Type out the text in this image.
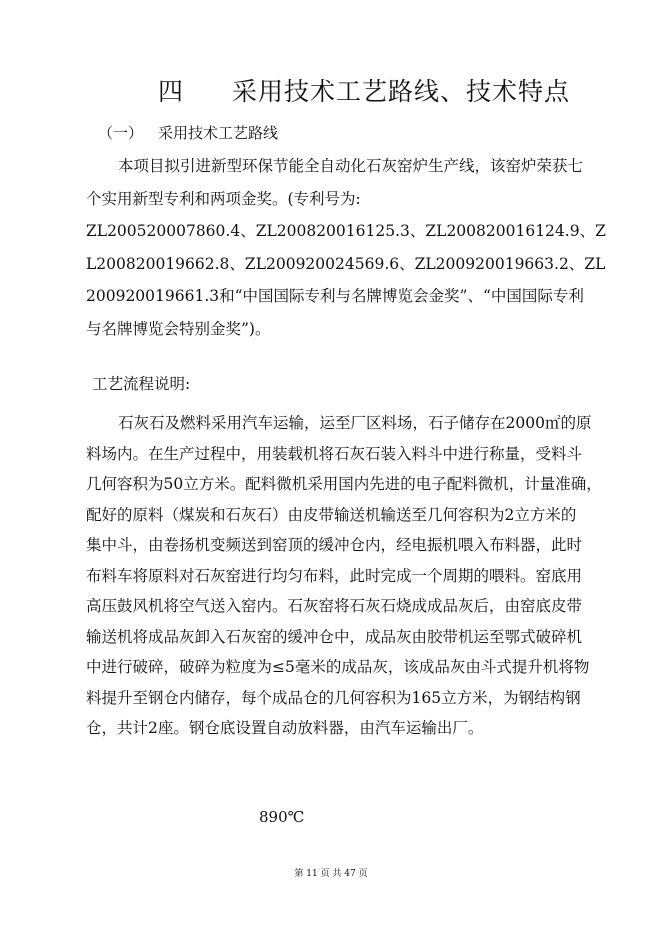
四 采用技术工艺路线、技术特点
（一） 采用技术工艺路线
本项目拟引进新型环保节能全自动化石灰窑炉生产线，该窑炉荣获七
个实用新型专利和两项金奖。(专利号为:
ZL200520007860.4、ZL200820016125.3、ZL200820016124.9、Z
L200820019662.8、ZL200920024569.6、ZL200920019663.2、ZL
200920019661.3和“中国国际专利与名牌博览会金奖”、“中国国际专利
与名牌博览会特别金奖”)。
工艺流程说明:
石灰石及燃料采用汽车运输，运至厂区料场，石子储存在2000㎡的原
料场内。在生产过程中，用装载机将石灰石装入料斗中进行称量，受料斗
几何容积为50立方米。配料微机采用国内先进的电子配料微机，计量准确，
配好的原料（煤炭和石灰石）由皮带输送机输送至几何容积为2立方米的
集中斗，由卷扬机变频送到窑顶的缓冲仓内，经电振机喂入布料器，此时
布料车将原料对石灰窑进行均匀布料，此时完成一个周期的喂料。窑底用
高压鼓风机将空气送入窑内。石灰窑将石灰石烧成成品灰后，由窑底皮带
输送机将成品灰卸入石灰窑的缓冲仓中，成品灰由胶带机运至鄂式破碎机
中进行破碎，破碎为粒度为≤5毫米的成品灰，该成品灰由斗式提升机将物
料提升至钢仓内储存，每个成品仓的几何容积为165立方米，为钢结构钢
仓，共计2座。钢仓底设置自动放料器，由汽车运输出厂。
890℃
第 11 页 共 47 页
